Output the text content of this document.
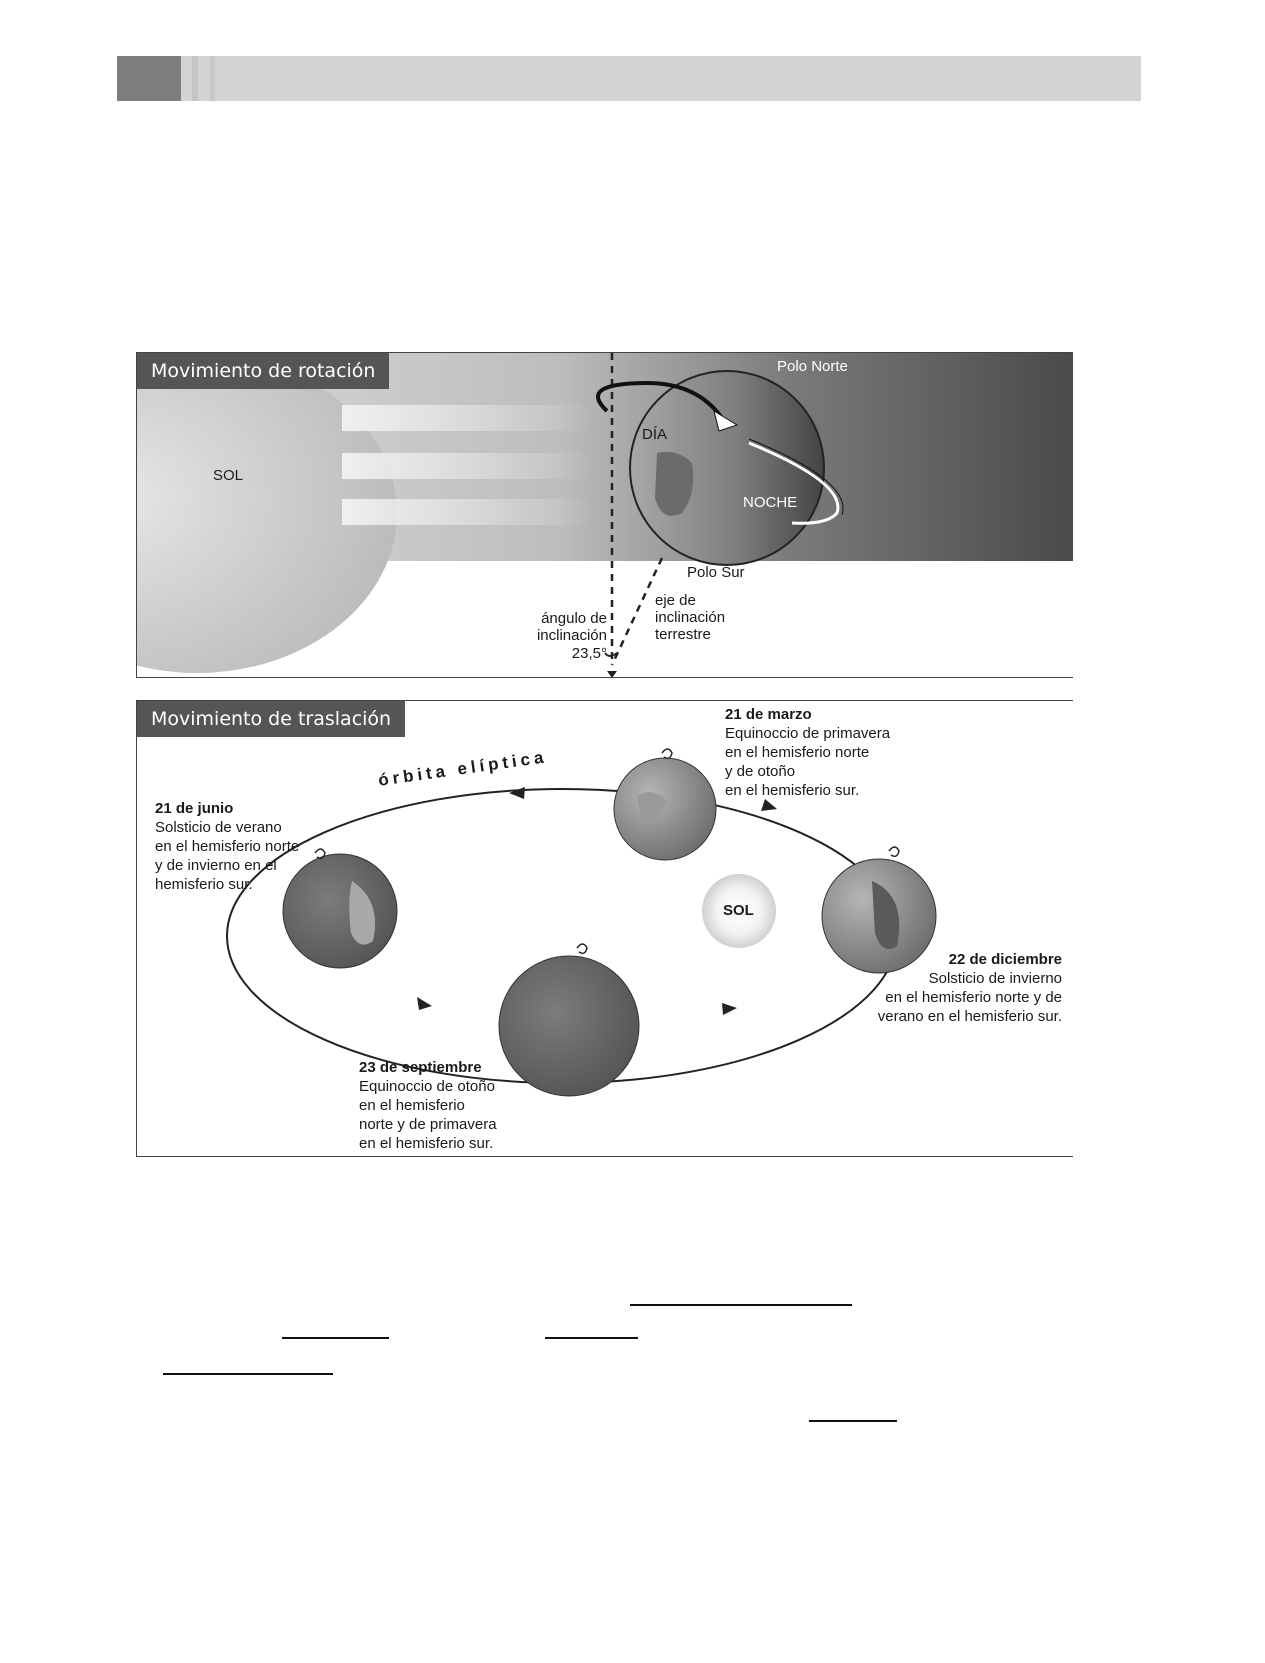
Movimiento de rotación
SOL
Polo Norte
DÍA
NOCHE
Polo Sur
eje de
inclinación
terrestre
ángulo de
inclinación
23,5°
Movimiento de traslación
órbita elíptica
SOL
21 de junio
Solsticio de verano
en el hemisferio norte
y de invierno en el
hemisferio sur.
21 de marzo
Equinoccio de primavera
en el hemisferio norte
y de otoño
en el hemisferio sur.
22 de diciembre
Solsticio de invierno
en el hemisferio norte y de
verano en el hemisferio sur.
23 de septiembre
Equinoccio de otoño
en el hemisferio
norte y de primavera
en el hemisferio sur.
